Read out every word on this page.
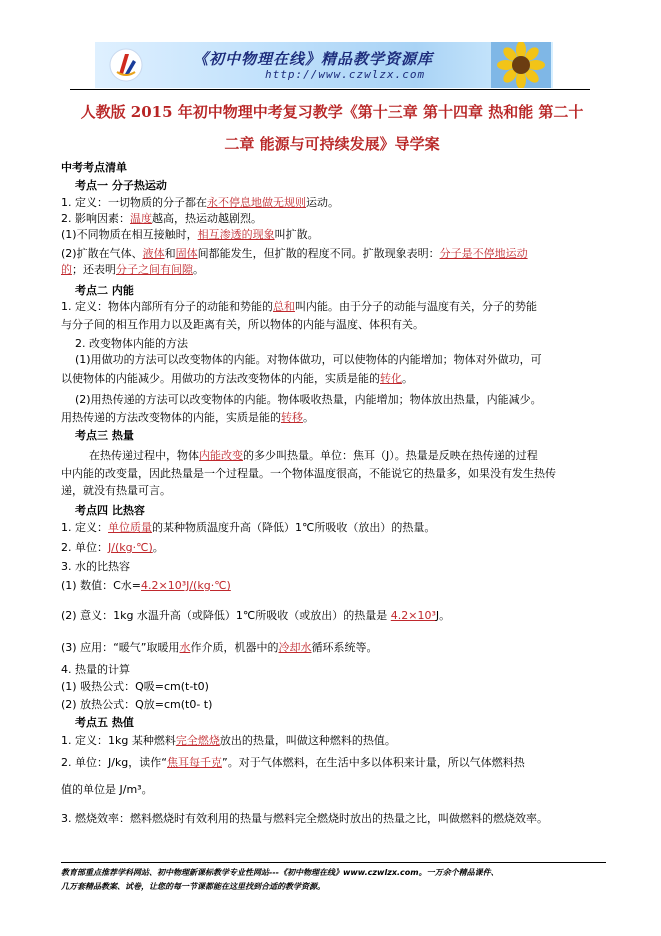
《初中物理在线》精品教学资源库
http://www.czwlzx.com
人教版 2015 年初中物理中考复习教学《第十三章 第十四章 热和能 第二十
二章 能源与可持续发展》导学案
中考考点清单
考点一 分子热运动
1. 定义：一切物质的分子都在永不停息地做无规则运动。
2. 影响因素：温度越高，热运动越剧烈。
(1)不同物质在相互接触时，相互渗透的现象叫扩散。
(2)扩散在气体、液体和固体间都能发生，但扩散的程度不同。扩散现象表明：分子是不停地运动
的；还表明分子之间有间隙。
考点二 内能
1. 定义：物体内部所有分子的动能和势能的总和叫内能。由于分子的动能与温度有关，分子的势能
与分子间的相互作用力以及距离有关，所以物体的内能与温度、体积有关。
2. 改变物体内能的方法
(1)用做功的方法可以改变物体的内能。对物体做功，可以使物体的内能增加；物体对外做功，可
以使物体的内能减少。用做功的方法改变物体的内能，实质是能的转化。
(2)用热传递的方法可以改变物体的内能。物体吸收热量，内能增加；物体放出热量，内能减少。
用热传递的方法改变物体的内能，实质是能的转移。
考点三 热量
在热传递过程中，物体内能改变的多少叫热量。单位：焦耳（J）。热量是反映在热传递的过程
中内能的改变量，因此热量是一个过程量。一个物体温度很高，不能说它的热量多，如果没有发生热传
递，就没有热量可言。
考点四 比热容
1. 定义：单位质量的某种物质温度升高（降低）1℃所吸收（放出）的热量。
2. 单位：J/(kg·℃)。
3. 水的比热容
(1) 数值：C水=4.2×10³J/(kg·℃)
(2) 意义：1kg 水温升高（或降低）1℃所吸收（或放出）的热量是 4.2×10³J。
(3) 应用：“暖气”取暖用水作介质，机器中的冷却水循环系统等。
4. 热量的计算
(1) 吸热公式：Q吸=cm(t-t0)
(2) 放热公式：Q放=cm(t0- t)
考点五 热值
1. 定义：1kg 某种燃料完全燃烧放出的热量，叫做这种燃料的热值。
2. 单位：J/kg，读作“焦耳每千克”。对于气体燃料，在生活中多以体积来计量，所以气体燃料热
值的单位是 J/m³。
3. 燃烧效率：燃料燃烧时有效利用的热量与燃料完全燃烧时放出的热量之比，叫做燃料的燃烧效率。
教育部重点推荐学科网站、初中物理新课标教学专业性网站---《初中物理在线》www.czwlzx.com。一万余个精品课件、
几万套精品教案、试卷，让您的每一节课都能在这里找到合适的教学资源。
